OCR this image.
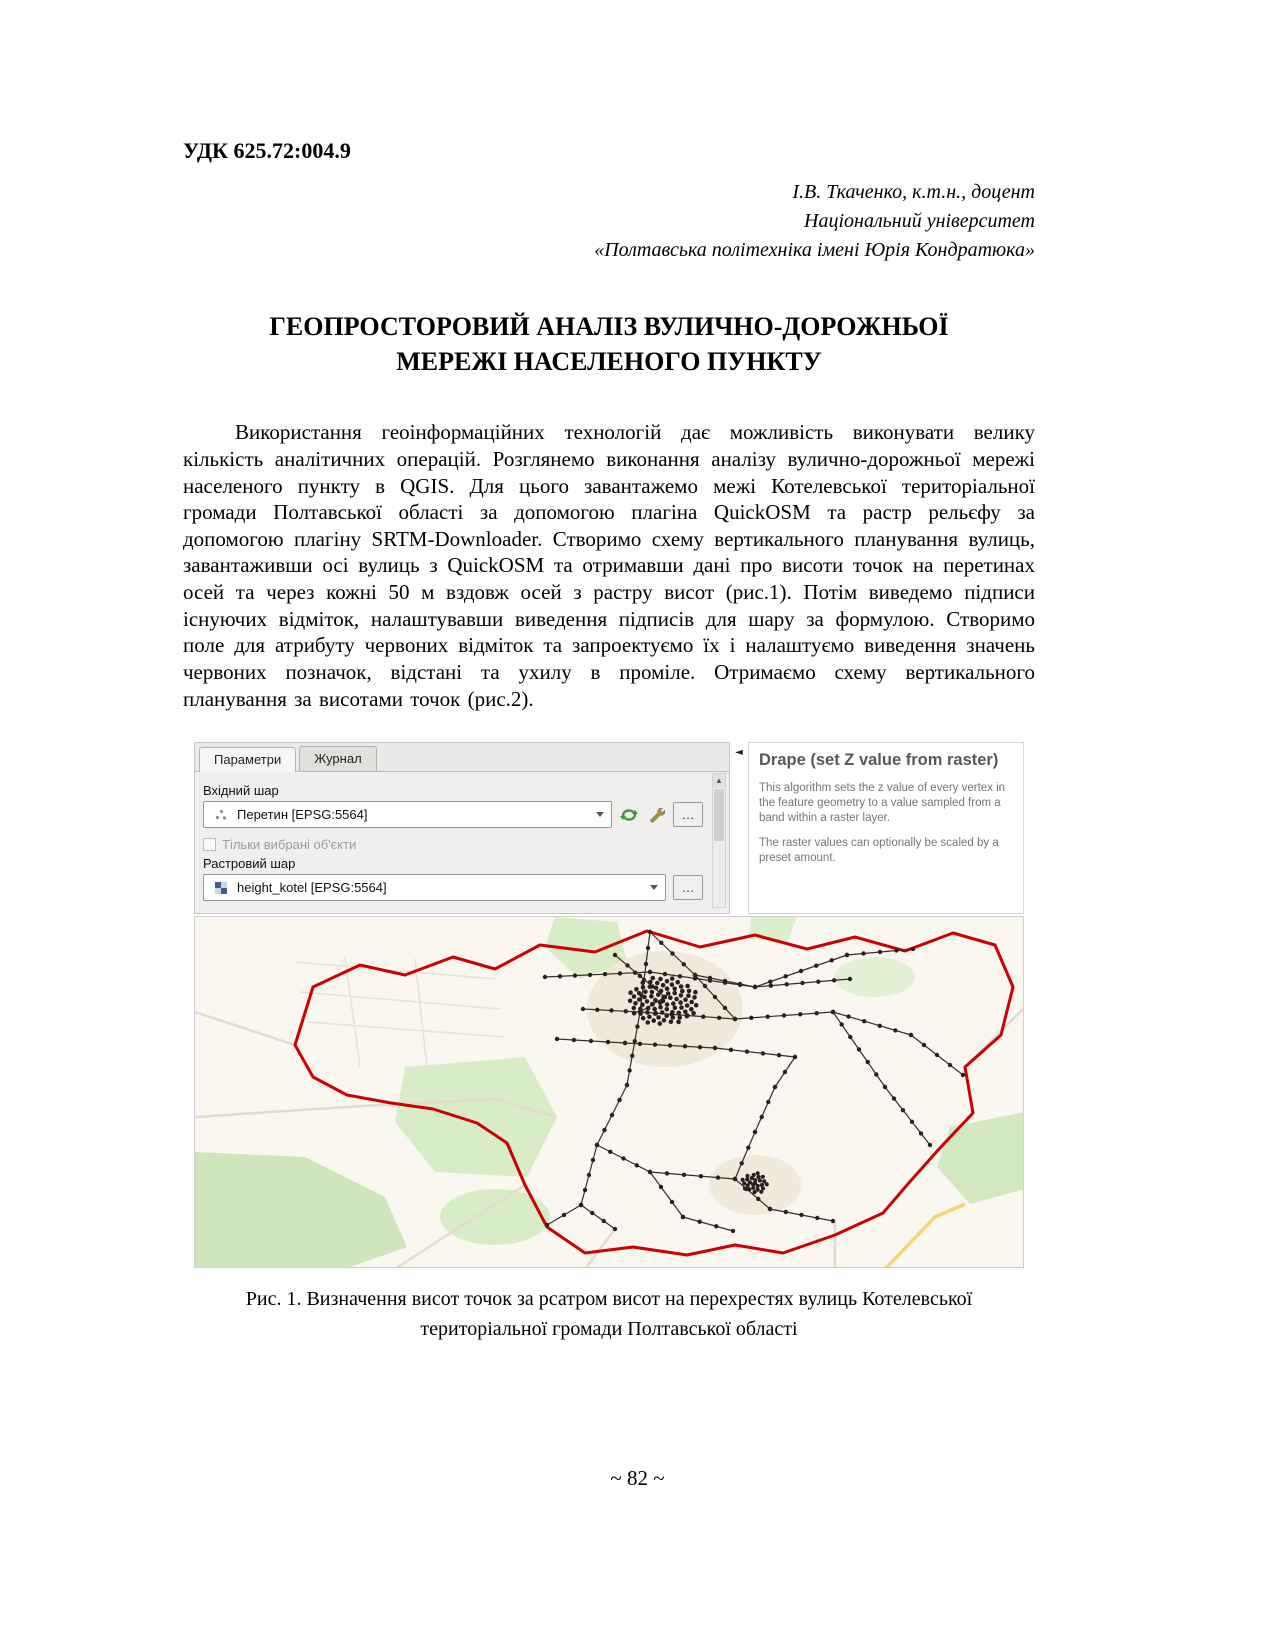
УДК 625.72:004.9
І.В. Ткаченко, к.т.н., доцент
Національний університет
«Полтавська політехніка імені Юрія Кондратюка»
ГЕОПРОСТОРОВИЙ АНАЛІЗ ВУЛИЧНО-ДОРОЖНЬОЇ
МЕРЕЖІ НАСЕЛЕНОГО ПУНКТУ

Використання геоінформаційних технологій дає можливість виконувати велику кількість аналітичних операцій. Розглянемо виконання аналізу вулично-дорожньої мережі населеного пункту в QGIS. Для цього завантажемо межі Котелевської територіальної громади Полтавської області за допомогою плагіна QuickOSM та растр рельєфу за допомогою плагіну SRTM-Downloader. Створимо схему вертикального планування вулиць, завантаживши осі вулиць з QuickOSM та отримавши дані про висоти точок на перетинах осей та через кожні 50 м вздовж осей з растру висот (рис.1). Потім виведемо підписи існуючих відміток, налаштувавши виведення підписів для шару за формулою. Створимо поле для атрибуту червоних відміток та запроектуємо їх і налаштуємо виведення значень червоних позначок, відстані та ухилу в проміле. Отримаємо схему вертикального планування за висотами точок (рис.2).

Параметри	Журнал
Вхідний шар
Перетин [EPSG:5564]	…
Тільки вибрані об'єкти
Растровий шар
height_kotel [EPSG:5564]	…
▲
◄ Drape (set Z value from raster)

This algorithm sets the z value of every vertex in the feature geometry to a value sampled from a band within a raster layer.

The raster values can optionally be scaled by a preset amount.

Рис. 1. Визначення висот точок за рсатром висот на перехрестях вулиць Котелевської
територіальної громади Полтавської області
~ 82 ~
